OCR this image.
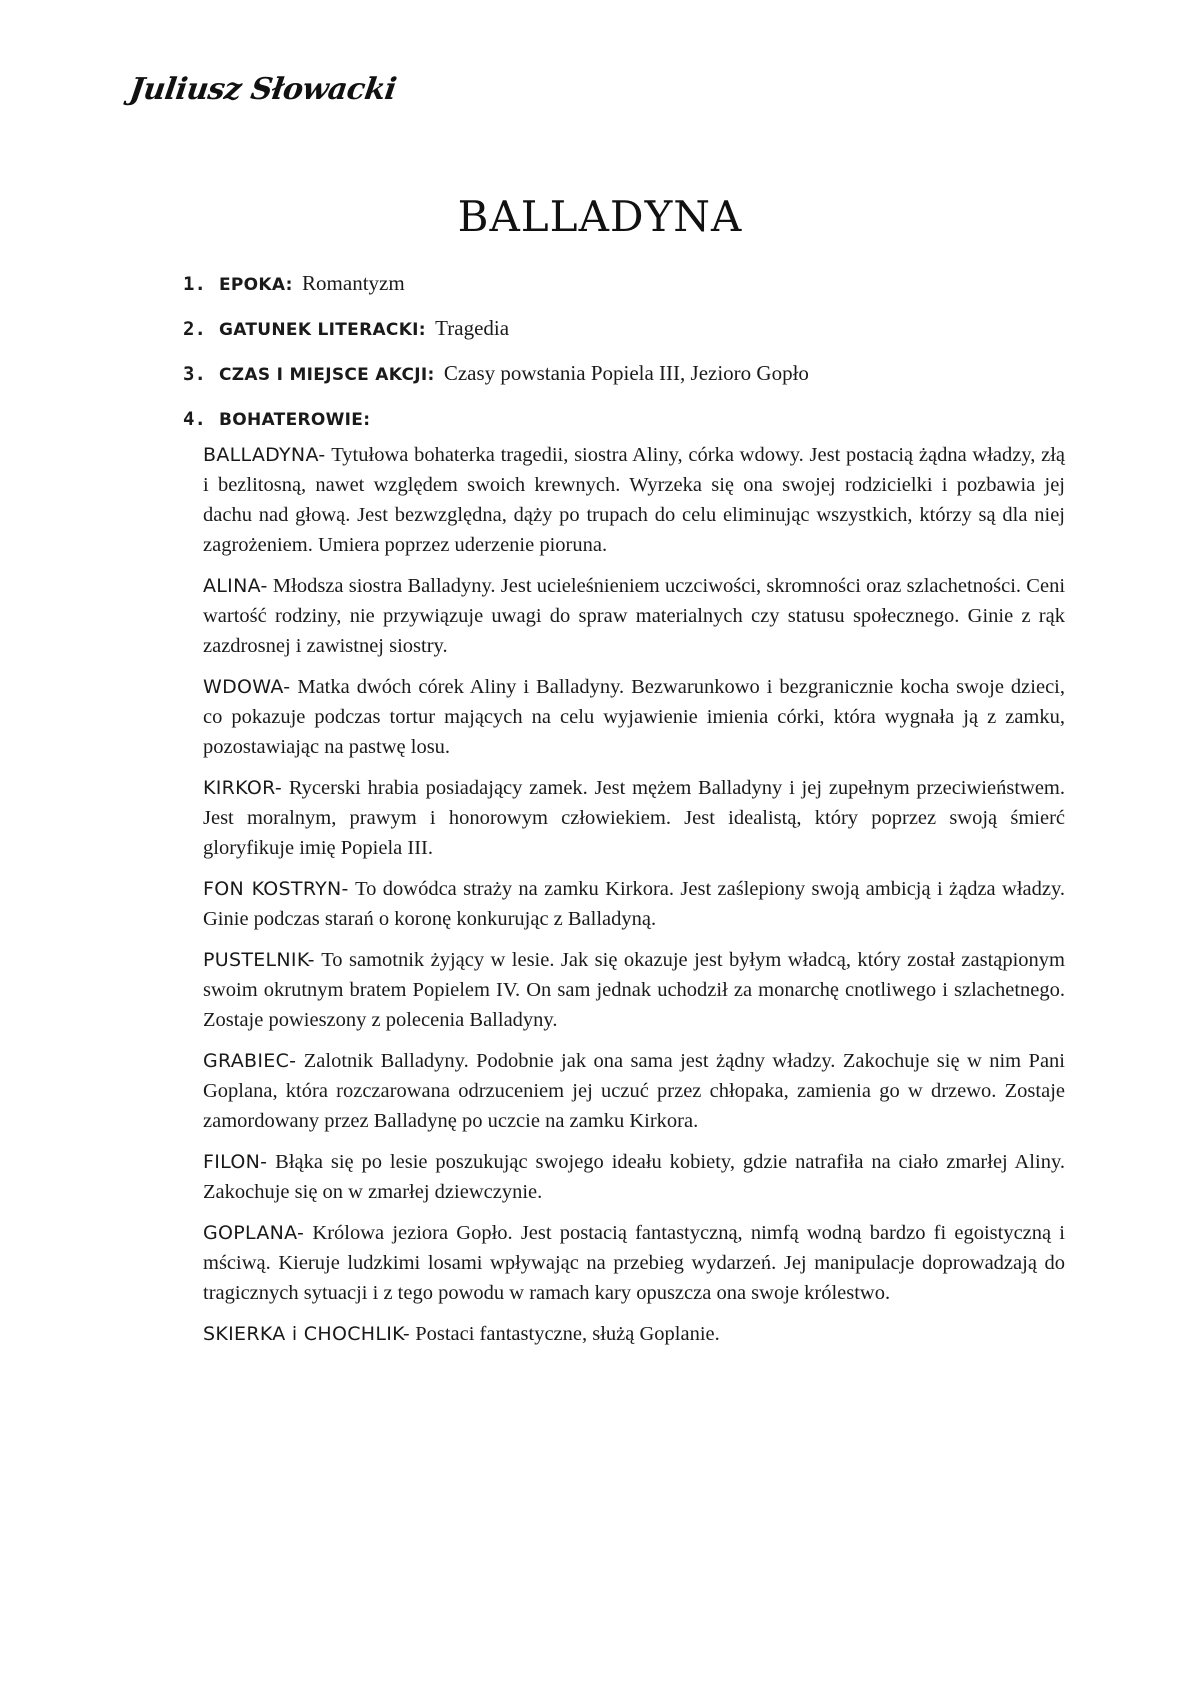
Juliusz Słowacki
BALLADYNA
1. EPOKA: Romantyzm
2. GATUNEK LITERACKI: Tragedia
3. CZAS I MIEJSCE AKCJI: Czasy powstania Popiela III, Jezioro Gopło
4. BOHATEROWIE:
BALLADYNA- Tytułowa bohaterka tragedii, siostra Aliny, córka wdowy. Jest postacią żądna władzy, złą i bezlitosną, nawet względem swoich krewnych. Wyrzeka się ona swojej rodzicielki i pozbawia jej dachu nad głową. Jest bezwzględna, dąży po trupach do celu eliminując wszystkich, którzy są dla niej zagrożeniem. Umiera poprzez uderzenie pioruna.
ALINA- Młodsza siostra Balladyny. Jest ucieleśnieniem uczciwości, skromności oraz szlachetności. Ceni wartość rodziny, nie przywiązuje uwagi do spraw materialnych czy statusu społecznego. Ginie z rąk zazdrosnej i zawistnej siostry.
WDOWA- Matka dwóch córek Aliny i Balladyny. Bezwarunkowo i bezgranicznie kocha swoje dzieci, co pokazuje podczas tortur mających na celu wyjawienie imienia córki, która wygnała ją z zamku, pozostawiając na pastwę losu.
KIRKOR- Rycerski hrabia posiadający zamek. Jest mężem Balladyny i jej zupełnym przeciwieństwem. Jest moralnym, prawym i honorowym człowiekiem. Jest idealistą, który poprzez swoją śmierć gloryfikuje imię Popiela III.
FON KOSTRYN- To dowódca straży na zamku Kirkora. Jest zaślepiony swoją ambicją i żądza władzy. Ginie podczas starań o koronę konkurując z Balladyną.
PUSTELNIK- To samotnik żyjący w lesie. Jak się okazuje jest byłym władcą, który został zastąpionym swoim okrutnym bratem Popielem IV. On sam jednak uchodził za monarchę cnotliwego i szlachetnego. Zostaje powieszony z polecenia Balladyny.
GRABIEC- Zalotnik Balladyny. Podobnie jak ona sama jest żądny władzy. Zakochuje się w nim Pani Goplana, która rozczarowana odrzuceniem jej uczuć przez chłopaka, zamienia go w drzewo. Zostaje zamordowany przez Balladynę po uczcie na zamku Kirkora.
FILON- Błąka się po lesie poszukując swojego ideału kobiety, gdzie natrafiła na ciało zmarłej Aliny. Zakochuje się on w zmarłej dziewczynie.
GOPLANA- Królowa jeziora Gopło. Jest postacią fantastyczną, nimfą wodną bardzo fi egoistyczną i mściwą. Kieruje ludzkimi losami wpływając na przebieg wydarzeń. Jej manipulacje doprowadzają do tragicznych sytuacji i z tego powodu w ramach kary opuszcza ona swoje królestwo.
SKIERKA i CHOCHLIK- Postaci fantastyczne, służą Goplanie.
